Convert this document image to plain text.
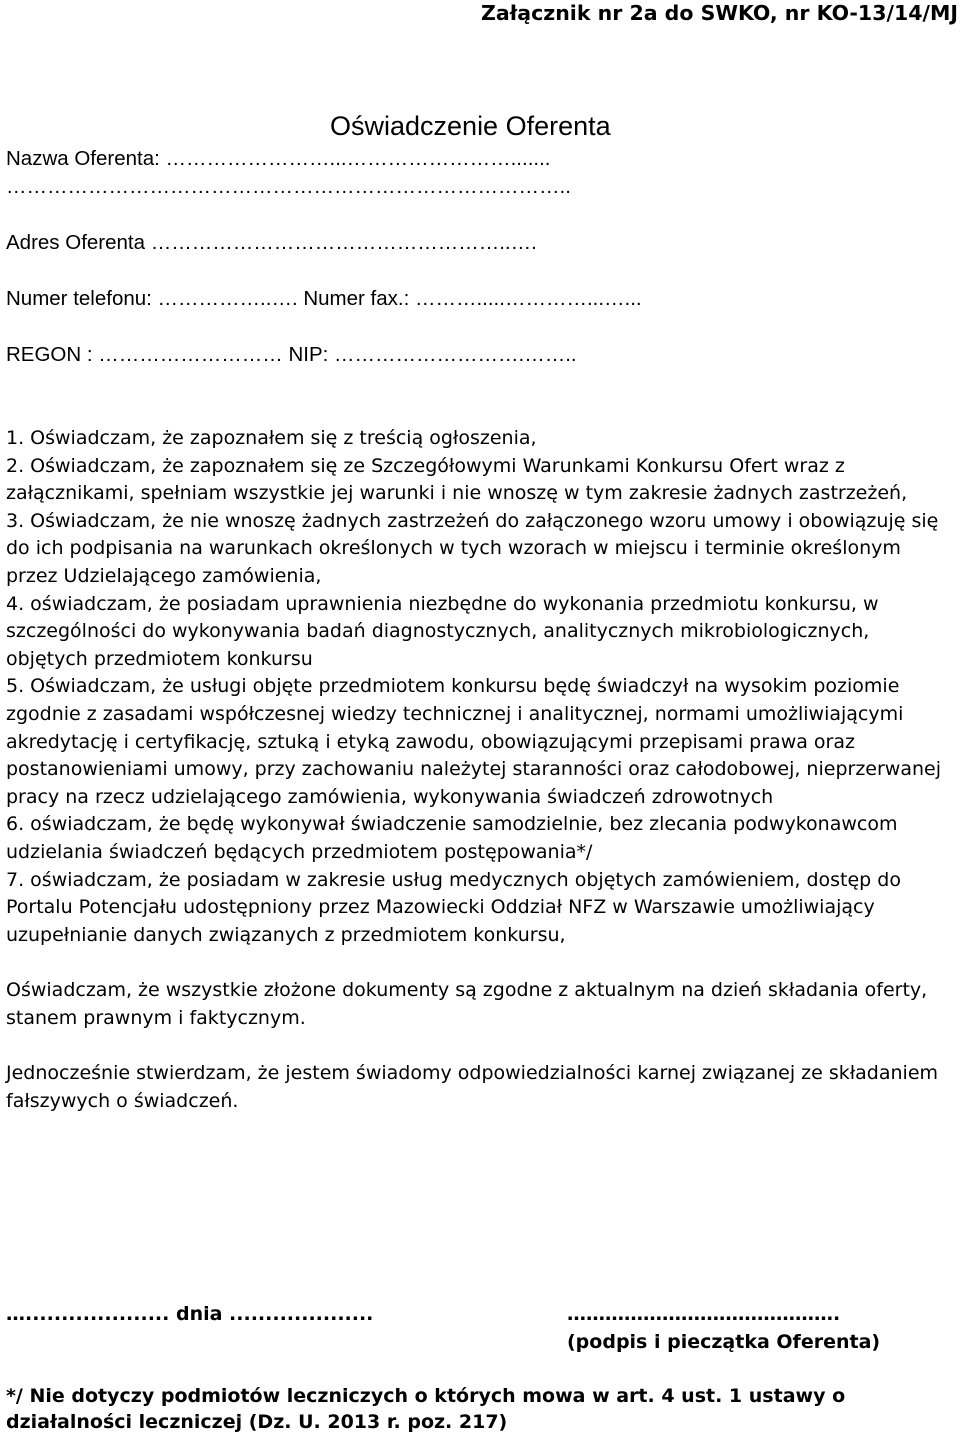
Załącznik nr 2a do SWKO, nr KO-13/14/MJ
Oświadczenie Oferenta
Nazwa Oferenta: ……………………...…………………….......
………………………………………………………………………..
Adres Oferenta ……………………………………………..….
Numer telefonu: ……………..…. Numer fax.: ……….....…………...…...
REGON : ……………………… NIP: ……………………….……..

1. Oświadczam, że zapoznałem się z treścią ogłoszenia,

2. Oświadczam, że zapoznałem się ze Szczegółowymi Warunkami Konkursu Ofert wraz z załącznikami, spełniam wszystkie jej warunki i nie wnoszę w tym zakresie żadnych zastrzeżeń,

3. Oświadczam, że nie wnoszę żadnych zastrzeżeń do załączonego wzoru umowy i obowiązuję się do ich podpisania na warunkach określonych w tych wzorach w miejscu i terminie określonym przez Udzielającego zamówienia,

4. oświadczam, że posiadam uprawnienia niezbędne do wykonania przedmiotu konkursu, w szczególności do wykonywania badań diagnostycznych, analitycznych mikrobiologicznych, objętych przedmiotem konkursu

5. Oświadczam, że usługi objęte przedmiotem konkursu będę świadczył na wysokim poziomie zgodnie z zasadami współczesnej wiedzy technicznej i analitycznej, normami umożliwiającymi akredytację i certyfikację, sztuką i etyką zawodu, obowiązującymi przepisami prawa oraz postanowieniami umowy, przy zachowaniu należytej staranności oraz całodobowej, nieprzerwanej pracy na rzecz udzielającego zamówienia, wykonywania świadczeń zdrowotnych

6. oświadczam, że będę wykonywał świadczenie samodzielnie, bez zlecania podwykonawcom udzielania świadczeń będących przedmiotem postępowania*/

7. oświadczam, że posiadam w zakresie usług medycznych objętych zamówieniem, dostęp do Portalu Potencjału udostępniony przez Mazowiecki Oddział NFZ w Warszawie umożliwiający uzupełnianie danych związanych z przedmiotem konkursu,

Oświadczam, że wszystkie złożone dokumenty są zgodne z aktualnym na dzień składania oferty, stanem prawnym i faktycznym.

Jednocześnie stwierdzam, że jestem świadomy odpowiedzialności karnej związanej ze składaniem fałszywych o świadczeń.

….................... dnia ....................	…………………………………….
(podpis i pieczątka Oferenta)
*/ Nie dotyczy podmiotów leczniczych o których mowa w art. 4 ust. 1 ustawy o działalności leczniczej (Dz. U. 2013 r. poz. 217)
